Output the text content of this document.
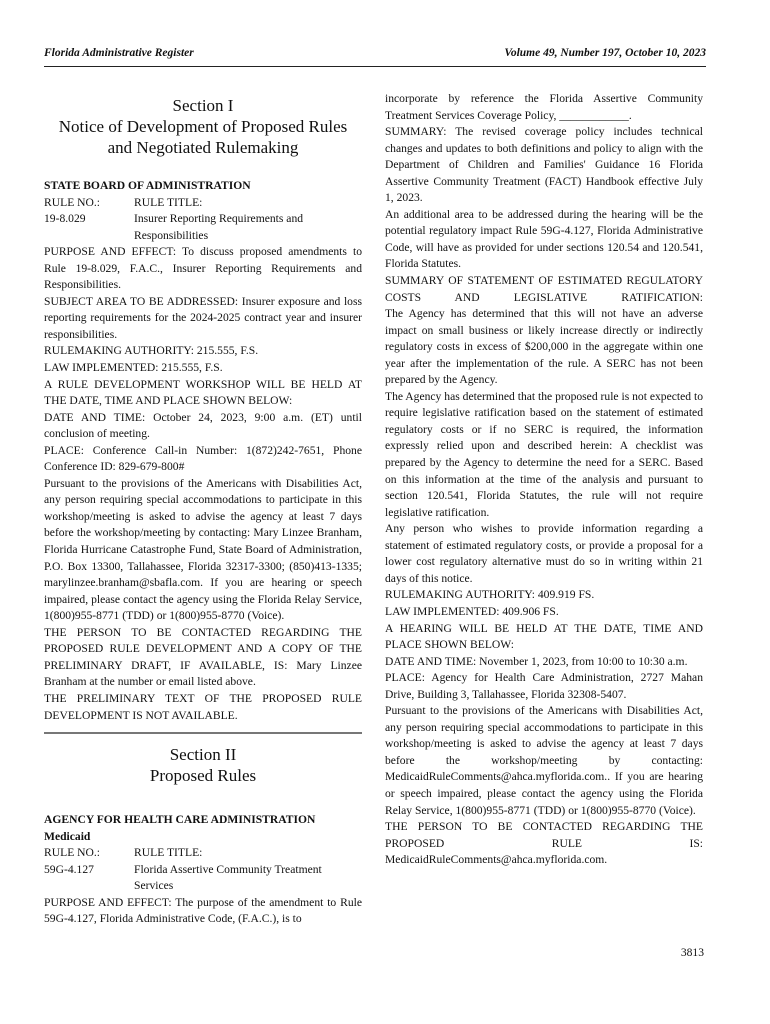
Florida Administrative Register	Volume 49, Number 197, October 10, 2023
Section I
Notice of Development of Proposed Rules
and Negotiated Rulemaking

STATE BOARD OF ADMINISTRATION

RULE NO.:	RULE TITLE:
19-8.029	Insurer Reporting Requirements and Responsibilities

PURPOSE AND EFFECT: To discuss proposed amendments to Rule 19-8.029, F.A.C., Insurer Reporting Requirements and Responsibilities.

SUBJECT AREA TO BE ADDRESSED: Insurer exposure and loss reporting requirements for the 2024-2025 contract year and insurer responsibilities.

RULEMAKING AUTHORITY: 215.555, F.S.

LAW IMPLEMENTED: 215.555, F.S.

A RULE DEVELOPMENT WORKSHOP WILL BE HELD AT THE DATE, TIME AND PLACE SHOWN BELOW:

DATE AND TIME: October 24, 2023, 9:00 a.m. (ET) until conclusion of meeting.

PLACE: Conference Call-in Number: 1(872)242-7651, Phone Conference ID: 829-679-800#

Pursuant to the provisions of the Americans with Disabilities Act, any person requiring special accommodations to participate in this workshop/meeting is asked to advise the agency at least 7 days before the workshop/meeting by contacting: Mary Linzee Branham, Florida Hurricane Catastrophe Fund, State Board of Administration, P.O. Box 13300, Tallahassee, Florida 32317-3300; (850)413-1335; marylinzee.branham@sbafla.com. If you are hearing or speech impaired, please contact the agency using the Florida Relay Service, 1(800)955-8771 (TDD) or 1(800)955-8770 (Voice).

THE PERSON TO BE CONTACTED REGARDING THE PROPOSED RULE DEVELOPMENT AND A COPY OF THE PRELIMINARY DRAFT, IF AVAILABLE, IS: Mary Linzee Branham at the number or email listed above.

THE PRELIMINARY TEXT OF THE PROPOSED RULE DEVELOPMENT IS NOT AVAILABLE.

Section II
Proposed Rules

AGENCY FOR HEALTH CARE ADMINISTRATION

Medicaid

RULE NO.:	RULE TITLE:
59G-4.127	Florida Assertive Community Treatment Services

PURPOSE AND EFFECT: The purpose of the amendment to Rule 59G-4.127, Florida Administrative Code, (F.A.C.), is to

incorporate by reference the Florida Assertive Community Treatment Services Coverage Policy, ____________.

SUMMARY: The revised coverage policy includes technical changes and updates to both definitions and policy to align with the Department of Children and Families' Guidance 16 Florida Assertive Community Treatment (FACT) Handbook effective July 1, 2023.

An additional area to be addressed during the hearing will be the potential regulatory impact Rule 59G-4.127, Florida Administrative Code, will have as provided for under sections 120.54 and 120.541, Florida Statutes.

SUMMARY OF STATEMENT OF ESTIMATED REGULATORY COSTS AND LEGISLATIVE RATIFICATION:

The Agency has determined that this will not have an adverse impact on small business or likely increase directly or indirectly regulatory costs in excess of $200,000 in the aggregate within one year after the implementation of the rule. A SERC has not been prepared by the Agency.

The Agency has determined that the proposed rule is not expected to require legislative ratification based on the statement of estimated regulatory costs or if no SERC is required, the information expressly relied upon and described herein: A checklist was prepared by the Agency to determine the need for a SERC. Based on this information at the time of the analysis and pursuant to section 120.541, Florida Statutes, the rule will not require legislative ratification.

Any person who wishes to provide information regarding a statement of estimated regulatory costs, or provide a proposal for a lower cost regulatory alternative must do so in writing within 21 days of this notice.

RULEMAKING AUTHORITY: 409.919 FS.

LAW IMPLEMENTED: 409.906 FS.

A HEARING WILL BE HELD AT THE DATE, TIME AND PLACE SHOWN BELOW:

DATE AND TIME: November 1, 2023, from 10:00 to 10:30 a.m.

PLACE: Agency for Health Care Administration, 2727 Mahan Drive, Building 3, Tallahassee, Florida 32308-5407.

Pursuant to the provisions of the Americans with Disabilities Act, any person requiring special accommodations to participate in this workshop/meeting is asked to advise the agency at least 7 days before the workshop/meeting by contacting: MedicaidRuleComments@ahca.myflorida.com.. If you are hearing or speech impaired, please contact the agency using the Florida Relay Service, 1(800)955-8771 (TDD) or 1(800)955-8770 (Voice).

THE PERSON TO BE CONTACTED REGARDING THE PROPOSED RULE IS: MedicaidRuleComments@ahca.myflorida.com.

3813
